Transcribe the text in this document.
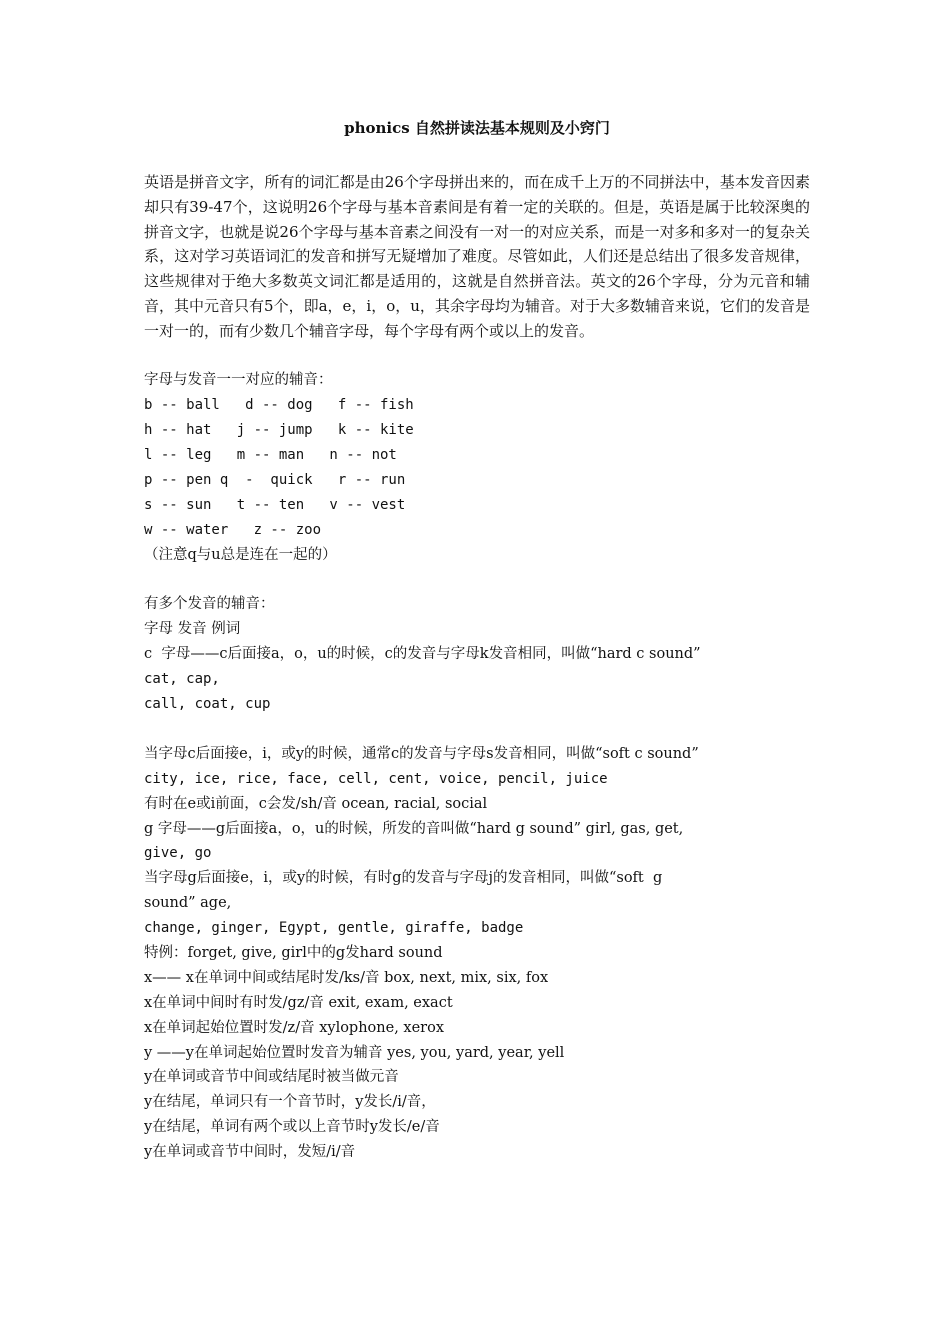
phonics 自然拼读法基本规则及小窍门

英语是拼音文字，所有的词汇都是由26个字母拼出来的，而在成千上万的不同拼法中，基本发音因素却只有39-47个，这说明26个字母与基本音素间是有着一定的关联的。但是，英语是属于比较深奥的拼音文字，也就是说26个字母与基本音素之间没有一对一的对应关系，而是一对多和多对一的复杂关系，这对学习英语词汇的发音和拼写无疑增加了难度。尽管如此，人们还是总结出了很多发音规律，这些规律对于绝大多数英文词汇都是适用的，这就是自然拼音法。英文的26个字母，分为元音和辅音，其中元音只有5个，即a，e，i，o，u，其余字母均为辅音。对于大多数辅音来说，它们的发音是一对一的，而有少数几个辅音字母，每个字母有两个或以上的发音。

字母与发音一一对应的辅音：
b -- ball   d -- dog   f -- fish
h -- hat   j -- jump   k -- kite
l -- leg   m -- man   n -- not
p -- pen q  -  quick   r -- run
s -- sun   t -- ten   v -- vest
w -- water   z -- zoo
（注意q与u总是连在一起的）
有多个发音的辅音：
字母 发音 例词
c  字母——c后面接a，o，u的时候，c的发音与字母k发音相同，叫做“hard c sound”
cat, cap,
call, coat, cup
当字母c后面接e，i，或y的时候，通常c的发音与字母s发音相同，叫做“soft c sound”
city, ice, rice, face, cell, cent, voice, pencil, juice
有时在e或i前面，c会发/sh/音 ocean, racial, social
g 字母——g后面接a，o，u的时候，所发的音叫做“hard g sound” girl, gas, get,
give, go
当字母g后面接e，i，或y的时候，有时g的发音与字母j的发音相同，叫做“soft  g
sound” age,
change, ginger, Egypt, gentle, giraffe, badge
特例：forget, give, girl中的g发hard sound
x—— x在单词中间或结尾时发/ks/音 box, next, mix, six, fox
x在单词中间时有时发/gz/音 exit, exam, exact
x在单词起始位置时发/z/音 xylophone, xerox
y ——y在单词起始位置时发音为辅音 yes, you, yard, year, yell
y在单词或音节中间或结尾时被当做元音
y在结尾，单词只有一个音节时，y发长/i/音，
y在结尾，单词有两个或以上音节时y发长/e/音
y在单词或音节中间时，发短/i/音
